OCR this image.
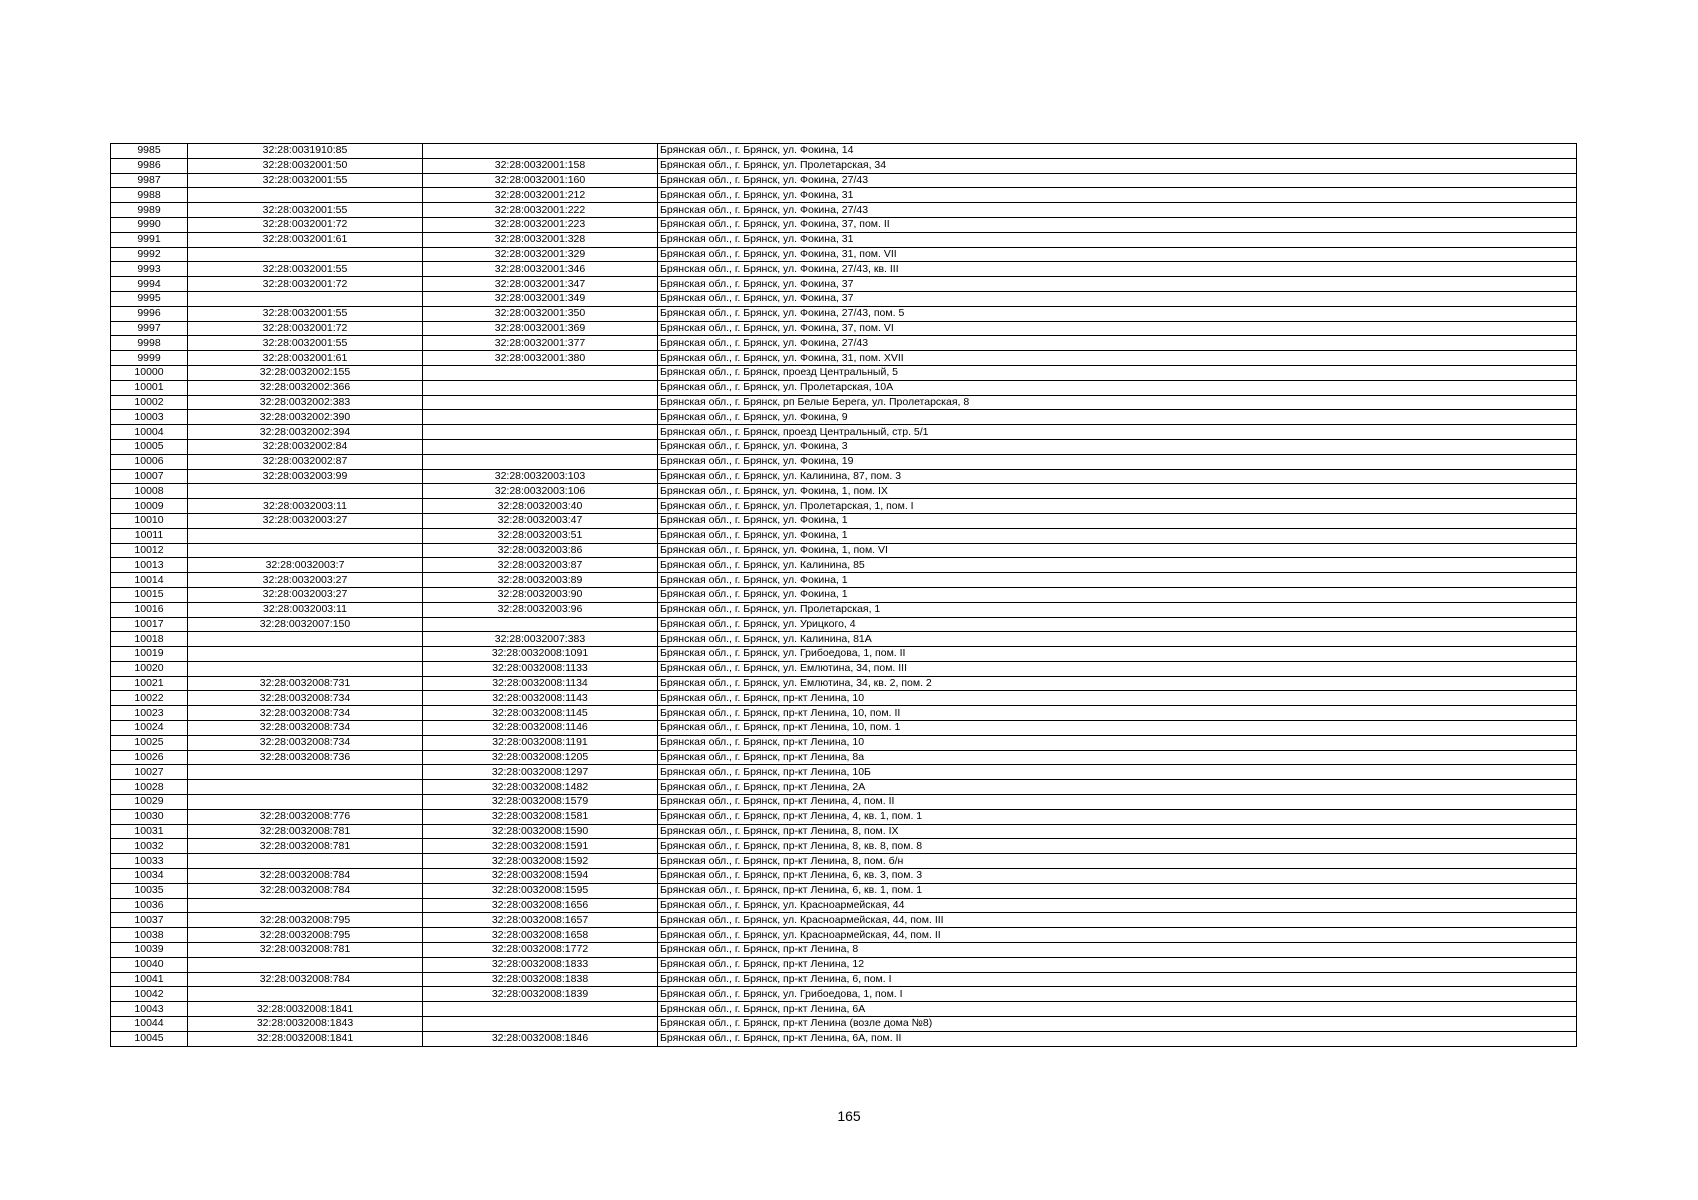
9985	32:28:0031910:85		Брянская обл., г. Брянск, ул. Фокина, 14
9986	32:28:0032001:50	32:28:0032001:158	Брянская обл., г. Брянск, ул. Пролетарская, 34
9987	32:28:0032001:55	32:28:0032001:160	Брянская обл., г. Брянск, ул. Фокина, 27/43
9988		32:28:0032001:212	Брянская обл., г. Брянск, ул. Фокина, 31
9989	32:28:0032001:55	32:28:0032001:222	Брянская обл., г. Брянск, ул. Фокина, 27/43
9990	32:28:0032001:72	32:28:0032001:223	Брянская обл., г. Брянск, ул. Фокина, 37, пом. II
9991	32:28:0032001:61	32:28:0032001:328	Брянская обл., г. Брянск, ул. Фокина, 31
9992		32:28:0032001:329	Брянская обл., г. Брянск, ул. Фокина, 31, пом. VII
9993	32:28:0032001:55	32:28:0032001:346	Брянская обл., г. Брянск, ул. Фокина, 27/43, кв. III
9994	32:28:0032001:72	32:28:0032001:347	Брянская обл., г. Брянск, ул. Фокина, 37
9995		32:28:0032001:349	Брянская обл., г. Брянск, ул. Фокина, 37
9996	32:28:0032001:55	32:28:0032001:350	Брянская обл., г. Брянск, ул. Фокина, 27/43, пом. 5
9997	32:28:0032001:72	32:28:0032001:369	Брянская обл., г. Брянск, ул. Фокина, 37, пом. VI
9998	32:28:0032001:55	32:28:0032001:377	Брянская обл., г. Брянск, ул. Фокина, 27/43
9999	32:28:0032001:61	32:28:0032001:380	Брянская обл., г. Брянск, ул. Фокина, 31, пом. XVII
10000	32:28:0032002:155		Брянская обл., г. Брянск, проезд Центральный, 5
10001	32:28:0032002:366		Брянская обл., г. Брянск, ул. Пролетарская, 10А
10002	32:28:0032002:383		Брянская обл., г. Брянск, рп Белые Берега, ул. Пролетарская, 8
10003	32:28:0032002:390		Брянская обл., г. Брянск, ул. Фокина, 9
10004	32:28:0032002:394		Брянская обл., г. Брянск, проезд Центральный, стр. 5/1
10005	32:28:0032002:84		Брянская обл., г. Брянск, ул. Фокина, 3
10006	32:28:0032002:87		Брянская обл., г. Брянск, ул. Фокина, 19
10007	32:28:0032003:99	32:28:0032003:103	Брянская обл., г. Брянск, ул. Калинина, 87, пом. 3
10008		32:28:0032003:106	Брянская обл., г. Брянск, ул. Фокина, 1, пом. IX
10009	32:28:0032003:11	32:28:0032003:40	Брянская обл., г. Брянск, ул. Пролетарская, 1, пом. I
10010	32:28:0032003:27	32:28:0032003:47	Брянская обл., г. Брянск, ул. Фокина, 1
10011		32:28:0032003:51	Брянская обл., г. Брянск, ул. Фокина, 1
10012		32:28:0032003:86	Брянская обл., г. Брянск, ул. Фокина, 1, пом. VI
10013	32:28:0032003:7	32:28:0032003:87	Брянская обл., г. Брянск, ул. Калинина, 85
10014	32:28:0032003:27	32:28:0032003:89	Брянская обл., г. Брянск, ул. Фокина, 1
10015	32:28:0032003:27	32:28:0032003:90	Брянская обл., г. Брянск, ул. Фокина, 1
10016	32:28:0032003:11	32:28:0032003:96	Брянская обл., г. Брянск, ул. Пролетарская, 1
10017	32:28:0032007:150		Брянская обл., г. Брянск, ул. Урицкого, 4
10018		32:28:0032007:383	Брянская обл., г. Брянск, ул. Калинина, 81А
10019		32:28:0032008:1091	Брянская обл., г. Брянск, ул. Грибоедова, 1, пом. II
10020		32:28:0032008:1133	Брянская обл., г. Брянск, ул. Емлютина, 34, пом. III
10021	32:28:0032008:731	32:28:0032008:1134	Брянская обл., г. Брянск, ул. Емлютина, 34, кв. 2, пом. 2
10022	32:28:0032008:734	32:28:0032008:1143	Брянская обл., г. Брянск, пр-кт Ленина, 10
10023	32:28:0032008:734	32:28:0032008:1145	Брянская обл., г. Брянск, пр-кт Ленина, 10, пом. II
10024	32:28:0032008:734	32:28:0032008:1146	Брянская обл., г. Брянск, пр-кт Ленина, 10, пом. 1
10025	32:28:0032008:734	32:28:0032008:1191	Брянская обл., г. Брянск, пр-кт Ленина, 10
10026	32:28:0032008:736	32:28:0032008:1205	Брянская обл., г. Брянск, пр-кт Ленина, 8а
10027		32:28:0032008:1297	Брянская обл., г. Брянск, пр-кт Ленина, 10Б
10028		32:28:0032008:1482	Брянская обл., г. Брянск, пр-кт Ленина, 2А
10029		32:28:0032008:1579	Брянская обл., г. Брянск, пр-кт Ленина, 4, пом. II
10030	32:28:0032008:776	32:28:0032008:1581	Брянская обл., г. Брянск, пр-кт Ленина, 4, кв. 1, пом. 1
10031	32:28:0032008:781	32:28:0032008:1590	Брянская обл., г. Брянск, пр-кт Ленина, 8, пом. IX
10032	32:28:0032008:781	32:28:0032008:1591	Брянская обл., г. Брянск, пр-кт Ленина, 8, кв. 8, пом. 8
10033		32:28:0032008:1592	Брянская обл., г. Брянск, пр-кт Ленина, 8, пом. б/н
10034	32:28:0032008:784	32:28:0032008:1594	Брянская обл., г. Брянск, пр-кт Ленина, 6, кв. 3, пом. 3
10035	32:28:0032008:784	32:28:0032008:1595	Брянская обл., г. Брянск, пр-кт Ленина, 6, кв. 1, пом. 1
10036		32:28:0032008:1656	Брянская обл., г. Брянск, ул. Красноармейская, 44
10037	32:28:0032008:795	32:28:0032008:1657	Брянская обл., г. Брянск, ул. Красноармейская, 44, пом. III
10038	32:28:0032008:795	32:28:0032008:1658	Брянская обл., г. Брянск, ул. Красноармейская, 44, пом. II
10039	32:28:0032008:781	32:28:0032008:1772	Брянская обл., г. Брянск, пр-кт Ленина, 8
10040		32:28:0032008:1833	Брянская обл., г. Брянск, пр-кт Ленина, 12
10041	32:28:0032008:784	32:28:0032008:1838	Брянская обл., г. Брянск, пр-кт Ленина, 6, пом. I
10042		32:28:0032008:1839	Брянская обл., г. Брянск, ул. Грибоедова, 1, пом. I
10043	32:28:0032008:1841		Брянская обл., г. Брянск, пр-кт Ленина, 6А
10044	32:28:0032008:1843		Брянская обл., г. Брянск, пр-кт Ленина (возле дома №8)
10045	32:28:0032008:1841	32:28:0032008:1846	Брянская обл., г. Брянск, пр-кт Ленина, 6А, пом. II
165
